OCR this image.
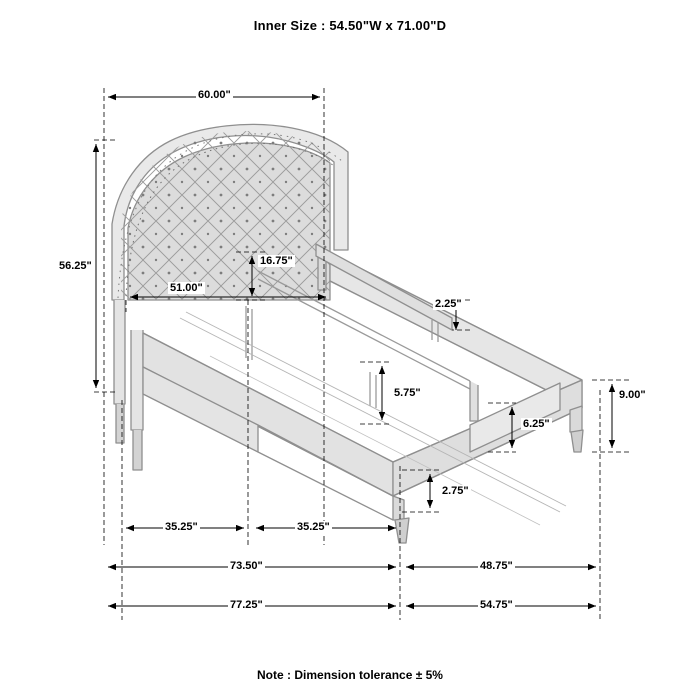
Inner Size : 54.50"W x 71.00"D
60.00"
56.25"
51.00"
16.75"
2.25"
5.75"
6.25"
9.00"
2.75"
35.25"	35.25"
73.50"	48.75"
77.25"	54.75"
Note : Dimension tolerance ± 5%
